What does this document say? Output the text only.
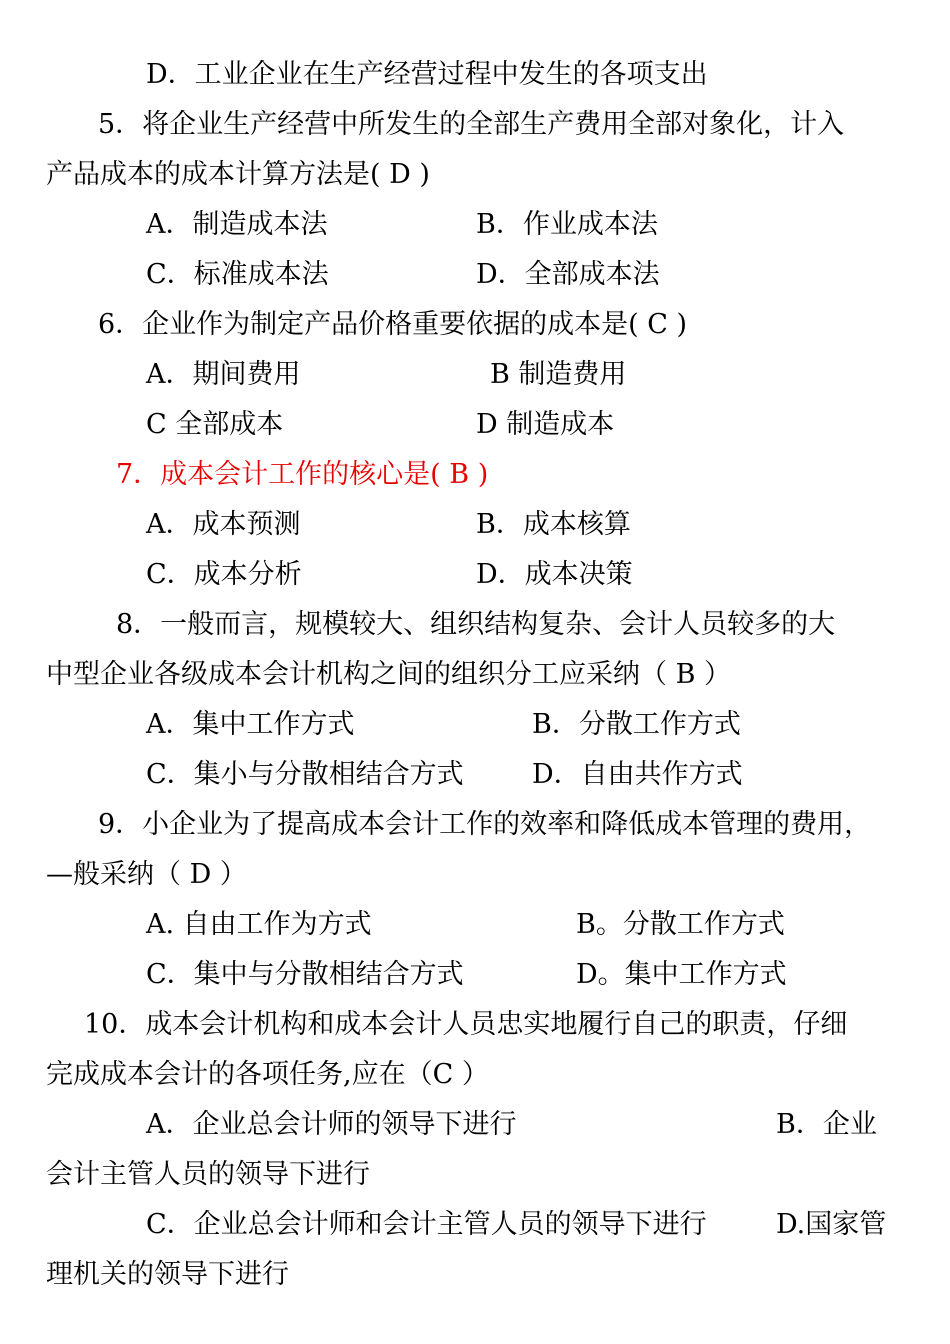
D．工业企业在生产经营过程中发生的各项支出
5．将企业生产经营中所发生的全部生产费用全部对象化，计入
产品成本的成本计算方法是( D )
A．制造成本法	B．作业成本法
C．标准成本法	D．全部成本法
6．企业作为制定产品价格重要依据的成本是( C )
A．期间费用	B 制造费用
C 全部成本	D 制造成本
7．成本会计工作的核心是( B )
A．成本预测	B．成本核算
C．成本分析	D．成本决策
8．一般而言，规模较大、组织结构复杂、会计人员较多的大
中型企业各级成本会计机构之间的组织分工应采纳（ B ）
A．集中工作方式	B．分散工作方式
C．集小与分散相结合方式	D．自由共作方式
9．小企业为了提高成本会计工作的效率和降低成本管理的费用，
—般采纳（ D ）
A. 自由工作为方式	B。分散工作方式
C．集中与分散相结合方式	D。集中工作方式
10．成本会计机构和成本会计人员忠实地履行自己的职责，仔细
完成成本会计的各项任务,应在（C ）
A．企业总会计师的领导下进行	B．企业
会计主管人员的领导下进行
C．企业总会计师和会计主管人员的领导下进行	D.国家管
理机关的领导下进行
